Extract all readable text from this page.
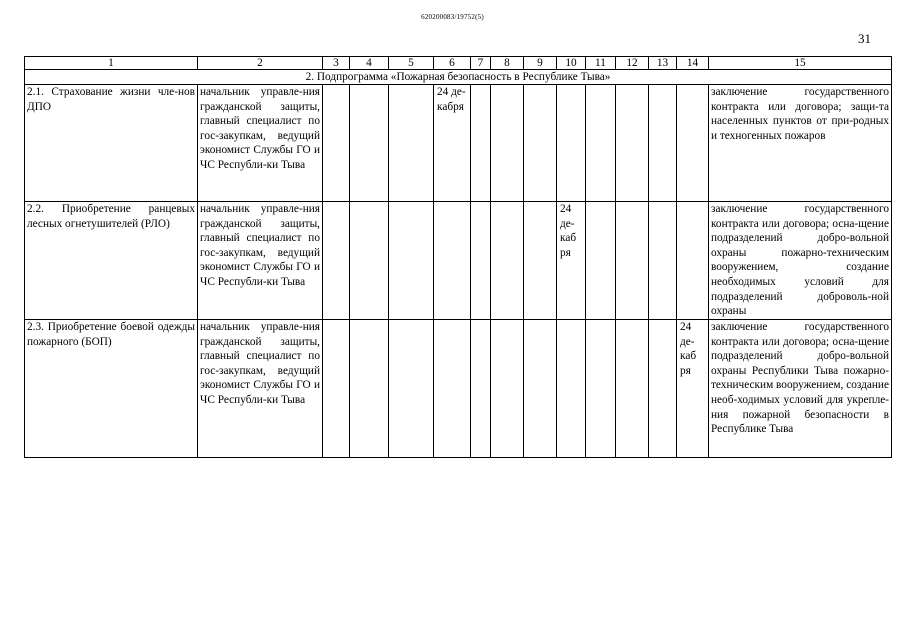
62020008З/19752(5)
31
1	2	3	4	5	6	7	8	9	10	11	12	13	14	15
2. Подпрограмма «Пожарная безопасность в Республике Тыва»														
2.1. Страхование жизни чле-нов ДПО	начальник управле-ния гражданской защиты, главный специалист по гос-закупкам, ведущий экономист Службы ГО и ЧС Республи-ки Тыва				24 де-кабря									заключение государственного контракта или договора; защи-та населенных пунктов от при-родных и техногенных пожаров
2.2. Приобретение ранцевых лесных огнетушителей (РЛО)	начальник управле-ния гражданской защиты, главный специалист по гос-закупкам, ведущий экономист Службы ГО и ЧС Республи-ки Тыва								24 де-каб ря					заключение государственного контракта или договора; осна-щение подразделений добро-вольной охраны пожарно-техническим вооружением, создание необходимых условий для подразделений доброволь-ной охраны
2.3. Приобретение боевой одежды пожарного (БОП)	начальник управле-ния гражданской защиты, главный специалист по гос-закупкам, ведущий экономист Службы ГО и ЧС Республи-ки Тыва												24 де-каб ря	заключение государственного контракта или договора; осна-щение подразделений добро-вольной охраны Республики Тыва пожарно-техническим вооружением, создание необ-ходимых условий для укрепле-ния пожарной безопасности в Республике Тыва
